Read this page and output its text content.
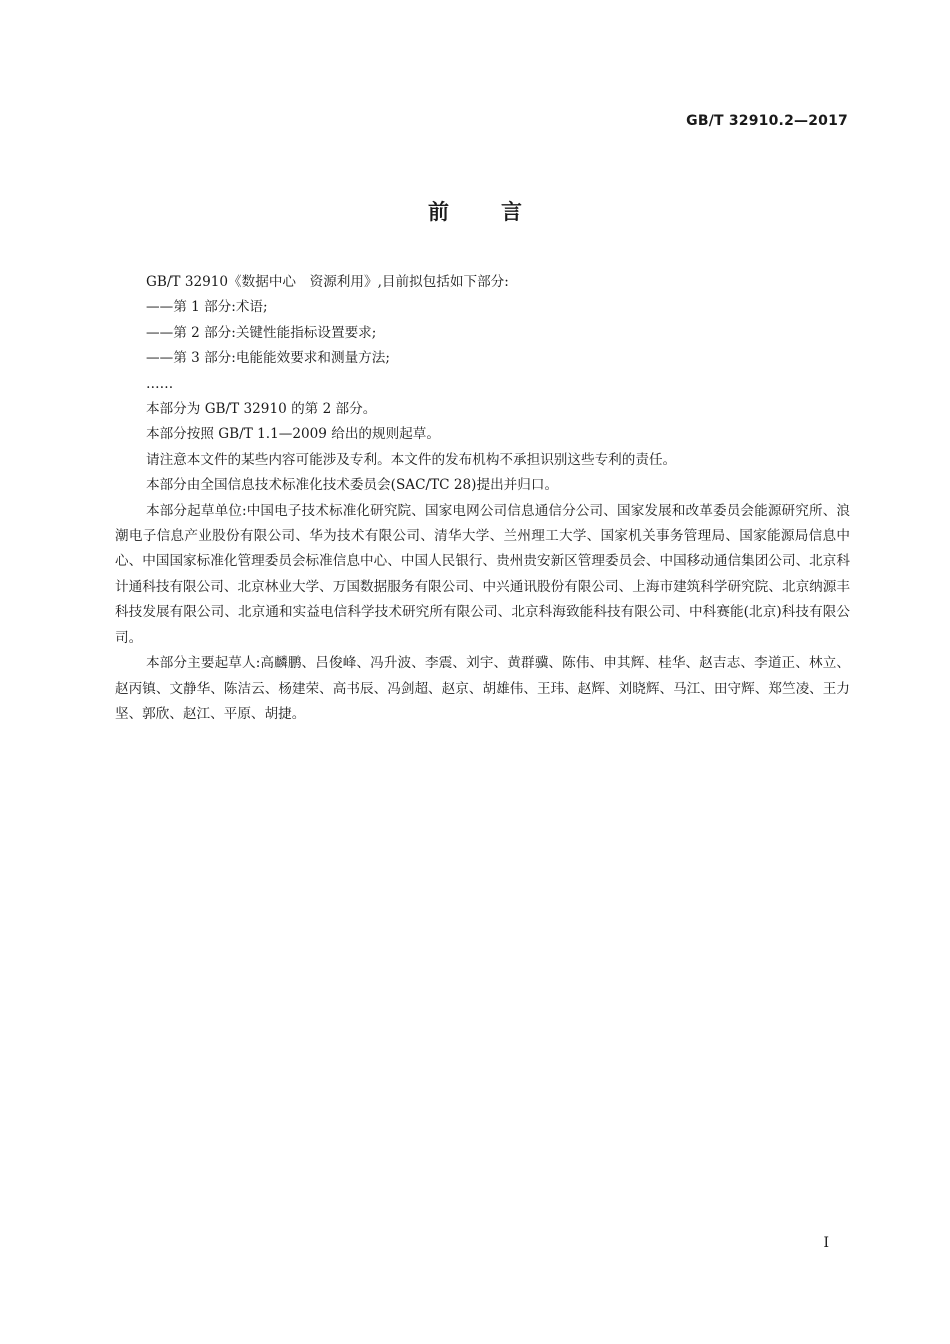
GB/T 32910.2—2017
前言

GB/T 32910《数据中心　资源利用》,目前拟包括如下部分:

——第 1 部分:术语;

——第 2 部分:关键性能指标设置要求;

——第 3 部分:电能能效要求和测量方法;

……

本部分为 GB/T 32910 的第 2 部分。

本部分按照 GB/T 1.1—2009 给出的规则起草。

请注意本文件的某些内容可能涉及专利。本文件的发布机构不承担识别这些专利的责任。

本部分由全国信息技术标准化技术委员会(SAC/TC 28)提出并归口。

本部分起草单位:中国电子技术标准化研究院、国家电网公司信息通信分公司、国家发展和改革委员会能源研究所、浪潮电子信息产业股份有限公司、华为技术有限公司、清华大学、兰州理工大学、国家机关事务管理局、国家能源局信息中心、中国国家标准化管理委员会标准信息中心、中国人民银行、贵州贵安新区管理委员会、中国移动通信集团公司、北京科计通科技有限公司、北京林业大学、万国数据服务有限公司、中兴通讯股份有限公司、上海市建筑科学研究院、北京纳源丰科技发展有限公司、北京通和实益电信科学技术研究所有限公司、北京科海致能科技有限公司、中科赛能(北京)科技有限公司。

本部分主要起草人:高麟鹏、吕俊峰、冯升波、李震、刘宇、黄群骥、陈伟、申其辉、桂华、赵吉志、李道正、林立、赵丙镇、文静华、陈洁云、杨建荣、高书辰、冯剑超、赵京、胡雄伟、王玮、赵辉、刘晓辉、马江、田守辉、郑竺凌、王力坚、郭欣、赵江、平原、胡捷。

I
